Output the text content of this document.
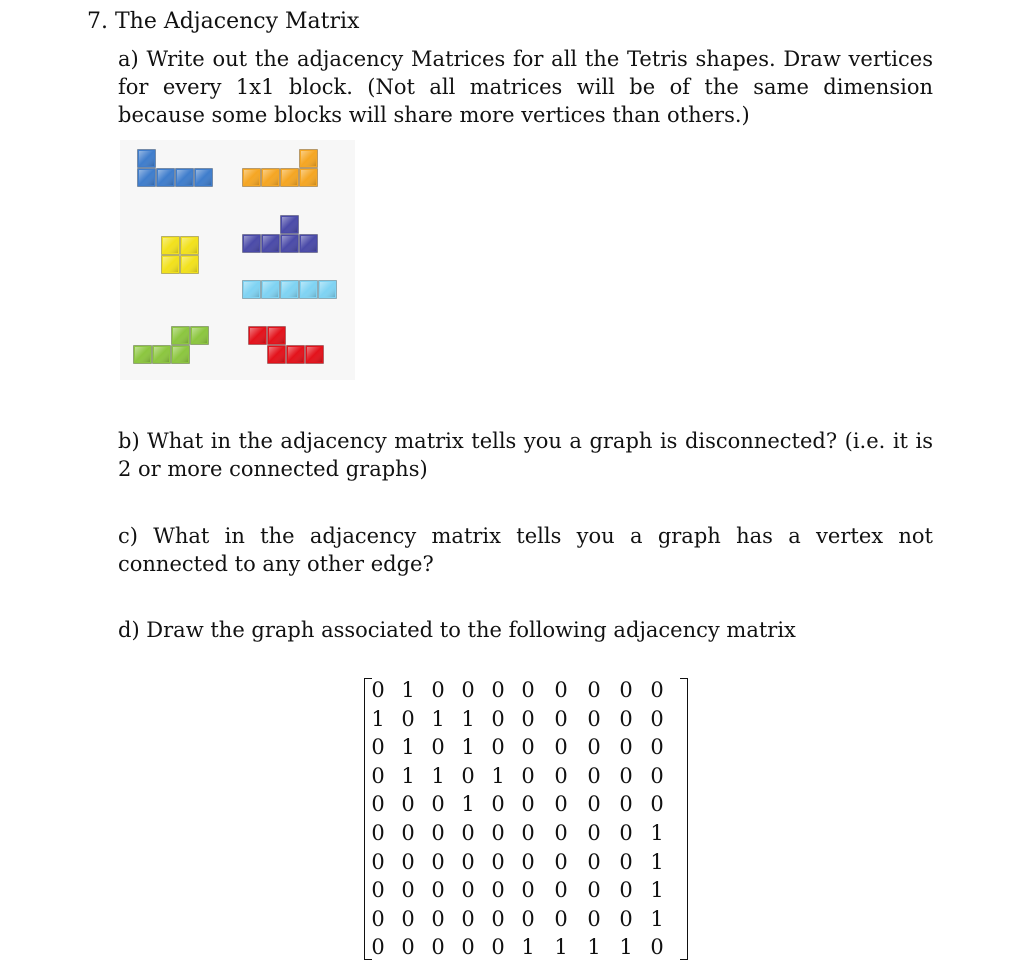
7. The Adjacency Matrix
a) Write out the adjacency Matrices for all the Tetris shapes. Draw vertices for every 1x1 block. (Not all matrices will be of the same dimension because some blocks will share more vertices than others.)
b) What in the adjacency matrix tells you a graph is disconnected? (i.e. it is 2 or more connected graphs)
c) What in the adjacency matrix tells you a graph has a vertex not connected to any other edge?
d) Draw the graph associated to the following adjacency matrix
0 1 0 0 0 0 0 0 0 0
1 0 1 1 0 0 0 0 0 0
0 1 0 1 0 0 0 0 0 0
0 1 1 0 1 0 0 0 0 0
0 0 0 1 0 0 0 0 0 0
0 0 0 0 0 0 0 0 0 1
0 0 0 0 0 0 0 0 0 1
0 0 0 0 0 0 0 0 0 1
0 0 0 0 0 0 0 0 0 1
0 0 0 0 0 1 1 1 1 0
